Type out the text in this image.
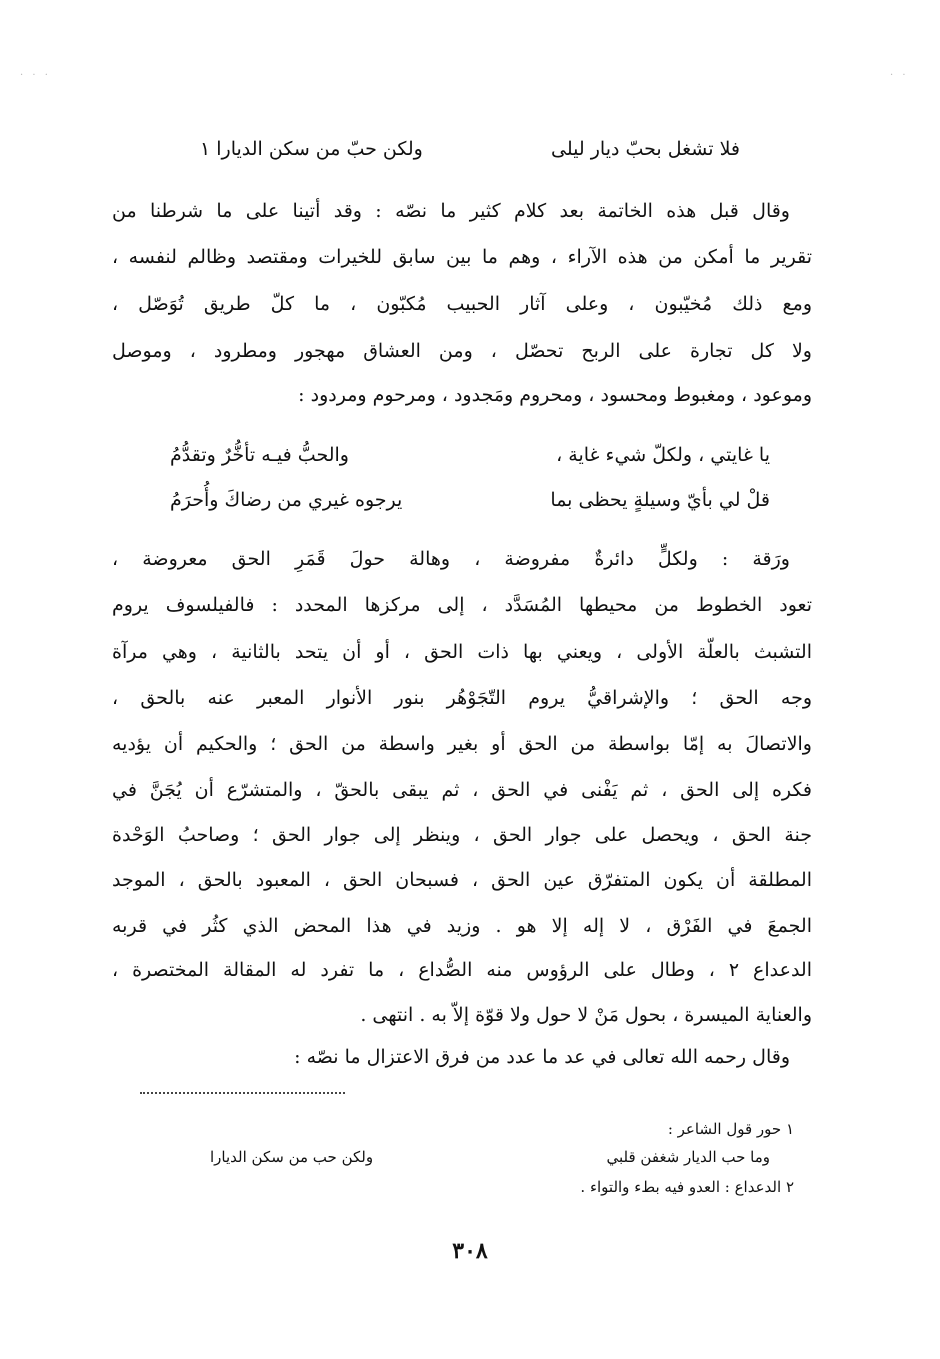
· · ·	· ·
فلا تشغل بحبّ ديار ليلى
ولكن حبّ من سكن الديارا ١
وقال قبل هذه الخاتمة بعد كلام كثير ما نصّه : وقد أتينا على ما شرطنا من
تقرير ما أمكن من هذه الآراء ، وهم ما بين سابق للخيرات ومقتصد وظالم لنفسه ،
ومع ذلك مُخيّبون ، وعلى آثار الحبيب مُكبّون ، ما كلّ طريق تُوَصّل ،
ولا كل تجارة على الربح تحصّل ، ومن العشاق مهجور ومطرود ، وموصل
وموعود ، ومغبوط ومحسود ، ومحروم ومَجدود ، ومرحوم ومردود :
يا غايتي ، ولكلّ شيء غاية ،
والحبُّ فيـه تأخُّرٌ وتقدُّمُ
قلْ لي بأيّ وسيلةٍ يحظى بما
يرجوه غيري من رضاكَ وأُحرَمُ
ورَقة : ولكلٍّ دائرةٌ مفروضة ، وهالة حولَ قَمَرِ الحق معروضة ،
تعود الخطوط من محيطها المُسَدَّد ، إلى مركزها المحدد : فالفيلسوف يروم
التشبث بالعلّة الأولى ، ويعني بها ذات الحق ، أو أن يتحد بالثانية ، وهي مرآة
وجه الحق ؛ والإشراقيُّ يروم التّجَوْهُر بنور الأنوار المعبر عنه بالحق ،
والاتصالَ به إمّا بواسطة من الحق أو بغير واسطة من الحق ؛ والحكيم أن يؤديه
فكره إلى الحق ، ثم يَفْنى في الحق ، ثم يبقى بالحقّ ، والمتشرّع أن يُجَنَّ في
جنة الحق ، ويحصل على جوار الحق ، وينظر إلى جوار الحق ؛ وصاحبُ الوَحْدة
المطلقة أن يكون المتفرّق عين الحق ، فسبحان الحق ، المعبود بالحق ، الموجد
الجمعَ في الفَرْق ، لا إله إلا هو . وزيد في هذا المحض الذي كثُر في قربه
الدعداع ٢ ، وطال على الرؤوس منه الصُّداع ، ما تفرد له المقالة المختصرة ،
والعناية الميسرة ، بحول مَنْ لا حول ولا قوّة إلاّ به . انتهى .
وقال رحمه الله تعالى في عد ما عدد من فرق الاعتزال ما نصّه :
١ حور قول الشاعر :
وما حب الديار شغفن قلبي
ولكن حب من سكن الديارا
٢ الدعداع : العدو فيه بطء والتواء .
٣٠٨
